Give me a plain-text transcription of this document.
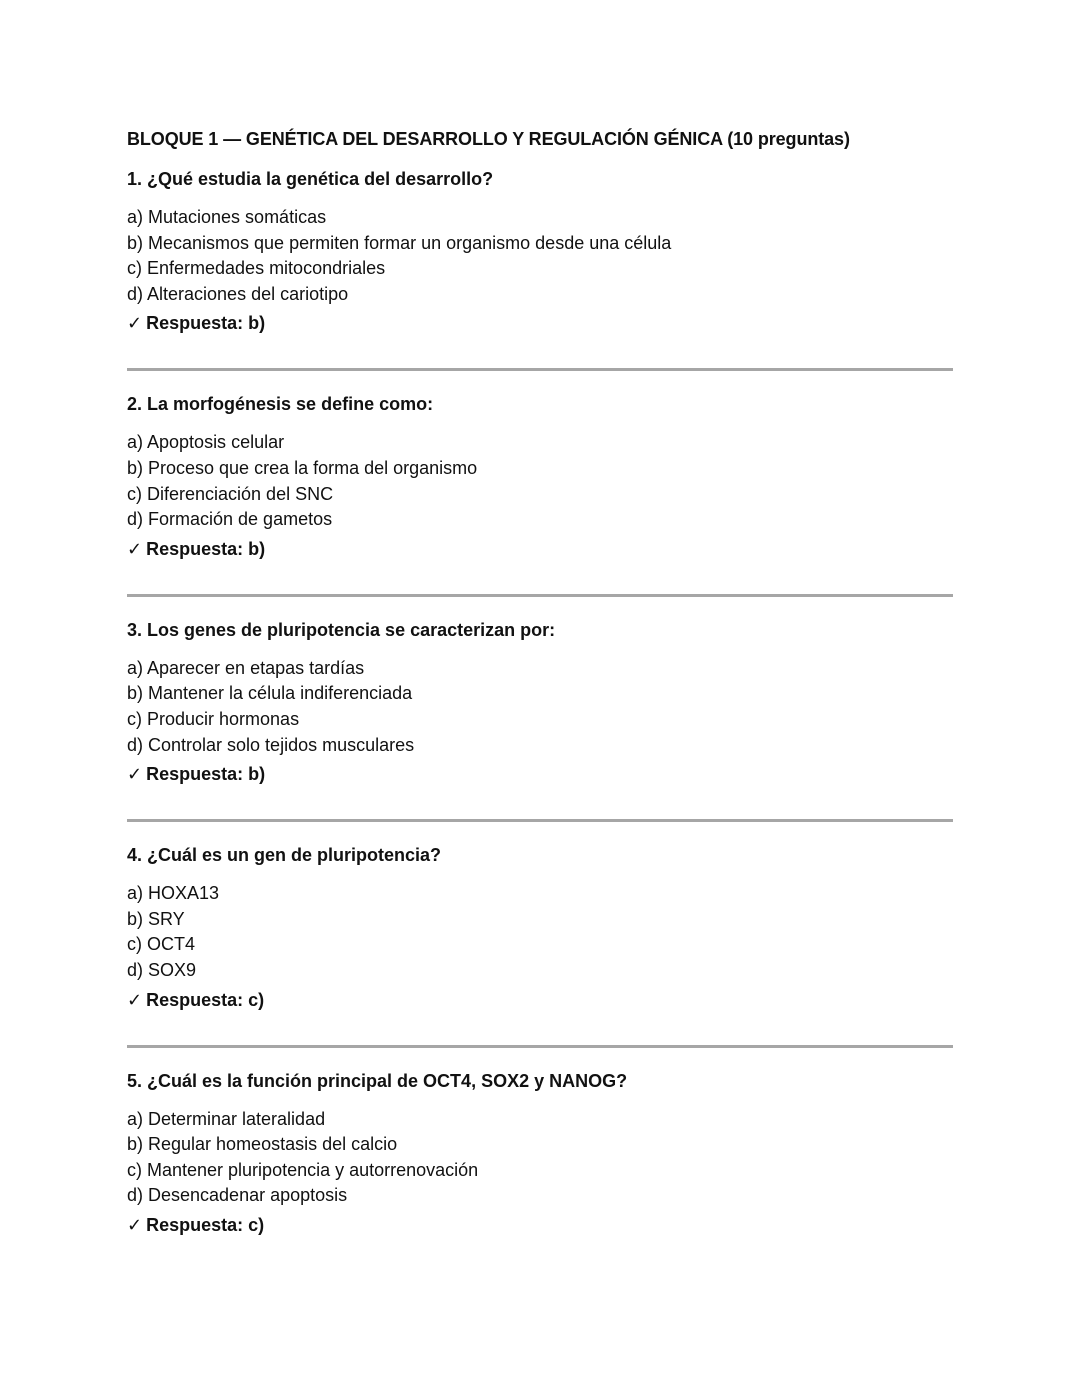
BLOQUE 1 — GENÉTICA DEL DESARROLLO Y REGULACIÓN GÉNICA (10 preguntas)
1. ¿Qué estudia la genética del desarrollo?
a) Mutaciones somáticas
b) Mecanismos que permiten formar un organismo desde una célula
c) Enfermedades mitocondriales
d) Alteraciones del cariotipo
✓ Respuesta: b)
2. La morfogénesis se define como:
a) Apoptosis celular
b) Proceso que crea la forma del organismo
c) Diferenciación del SNC
d) Formación de gametos
✓ Respuesta: b)
3. Los genes de pluripotencia se caracterizan por:
a) Aparecer en etapas tardías
b) Mantener la célula indiferenciada
c) Producir hormonas
d) Controlar solo tejidos musculares
✓ Respuesta: b)
4. ¿Cuál es un gen de pluripotencia?
a) HOXA13
b) SRY
c) OCT4
d) SOX9
✓ Respuesta: c)
5. ¿Cuál es la función principal de OCT4, SOX2 y NANOG?
a) Determinar lateralidad
b) Regular homeostasis del calcio
c) Mantener pluripotencia y autorrenovación
d) Desencadenar apoptosis
✓ Respuesta: c)
